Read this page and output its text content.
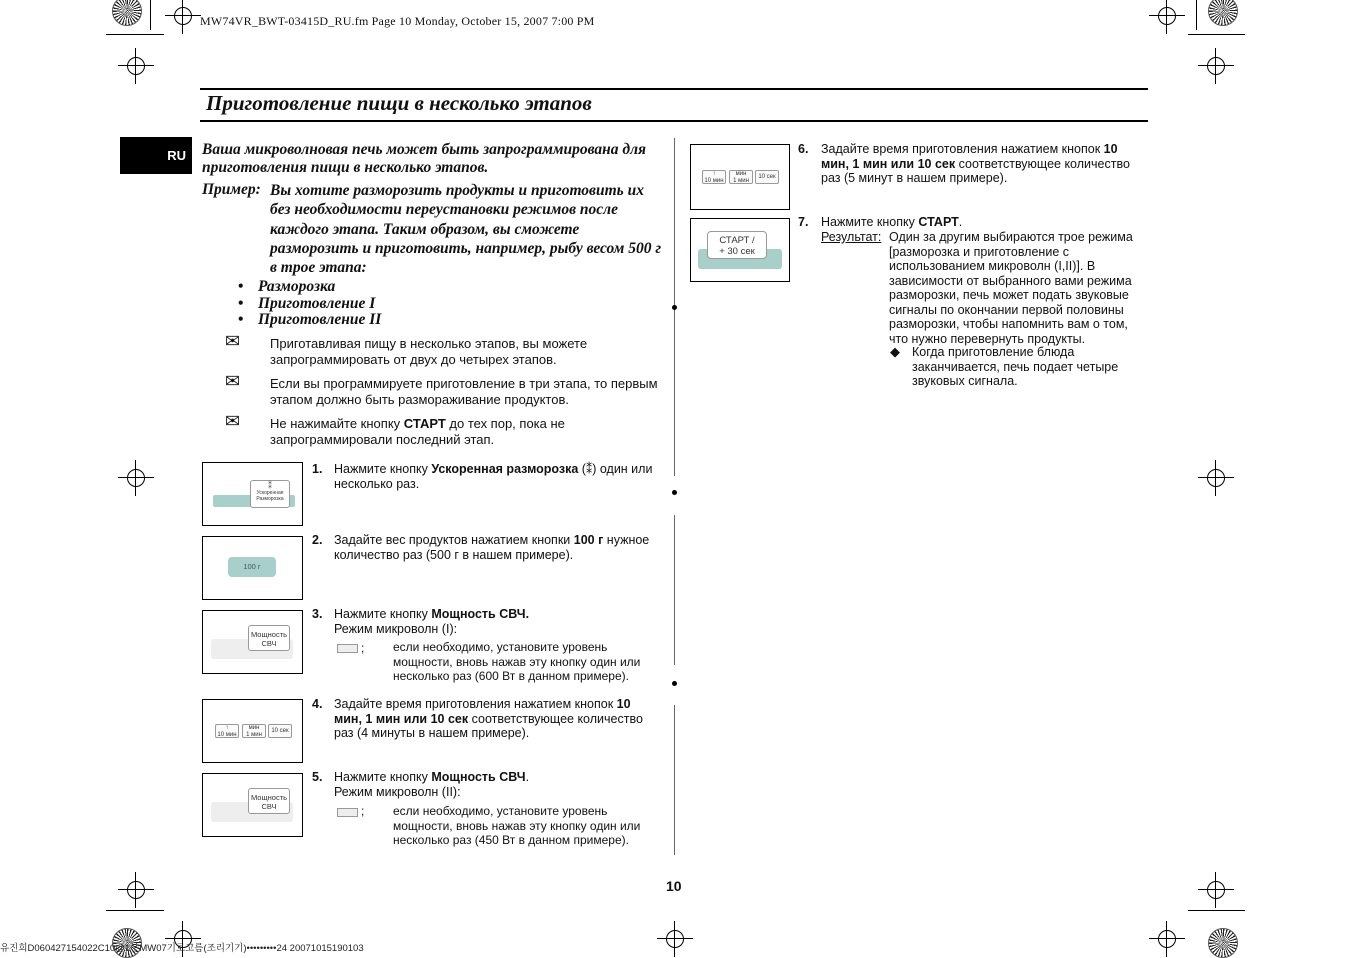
MW74VR_BWT-03415D_RU.fm Page 10 Monday, October 15, 2007 7:00 PM
Приготовление пищи в несколько этапов
RU	Ваша микроволновая печь может быть запрограммирована для приготовления пищи в несколько этапов.
Пример: Вы хотите разморозить продукты и приготовить их без необходимости переустановки режимов после каждого этапа. Таким образом, вы сможете разморозить и приготовить, например, рыбу весом 500 г в трое этапа:
• Разморозка
• Приготовление I
• Приготовление II
✉ Приготавливая пищу в несколько этапов, вы можете запрограммировать от двух до четырех этапов.
✉ Если вы программируете приготовление в три этапа, то первым этапом должно быть размораживание продуктов.
✉ Не нажимайте кнопку СТАРТ до тех пор, пока не запрограммировали последний этап.
⁑
Ускоренная
Разморозка
1. Нажмите кнопку Ускоренная разморозка (⁑) один или несколько раз.
100 г
2. Задайте вес продуктов нажатием кнопки 100 г нужное количество раз (500 г в нашем примере).
Мощность
СВЧ
3. Нажмите кнопку Мощность СВЧ.
Режим микроволн (I):
; если необходимо, установите уровень мощности, вновь нажав эту кнопку один или несколько раз (600 Вт в данном примере).
↑
10 мин
мин
1 мин
10 сек
4. Задайте время приготовления нажатием кнопок 10 мин, 1 мин или 10 сек соответствующее количество раз (4 минуты в нашем примере).
Мощность
СВЧ
5. Нажмите кнопку Мощность СВЧ.
Режим микроволн (II):
; если необходимо, установите уровень мощности, вновь нажав эту кнопку один или несколько раз (450 Вт в данном примере).
↑
10 мин
мин
1 мин
10 сек
6. Задайте время приготовления нажатием кнопок 10 мин, 1 мин или 10 сек соответствующее количество раз (5 минут в нашем примере).
СТАРТ /
+ 30 сек
7. Нажмите кнопку СТАРТ.
Результат: Один за другим выбираются трое режима [разморозка и приготовление с использованием микроволн (I,II)]. В зависимости от выбранного вами режима разморозки, печь может подать звуковые сигналы по окончании первой половины разморозки, чтобы напомнить вам о том, что нужно перевернуть продукты.
◆ Когда приготовление блюда заканчивается, печь подает четыре звуковых сигнала.
10
유진희D060427154022C10@1분MW07기로고름(조리기기)•••••••••24 20071015190103
